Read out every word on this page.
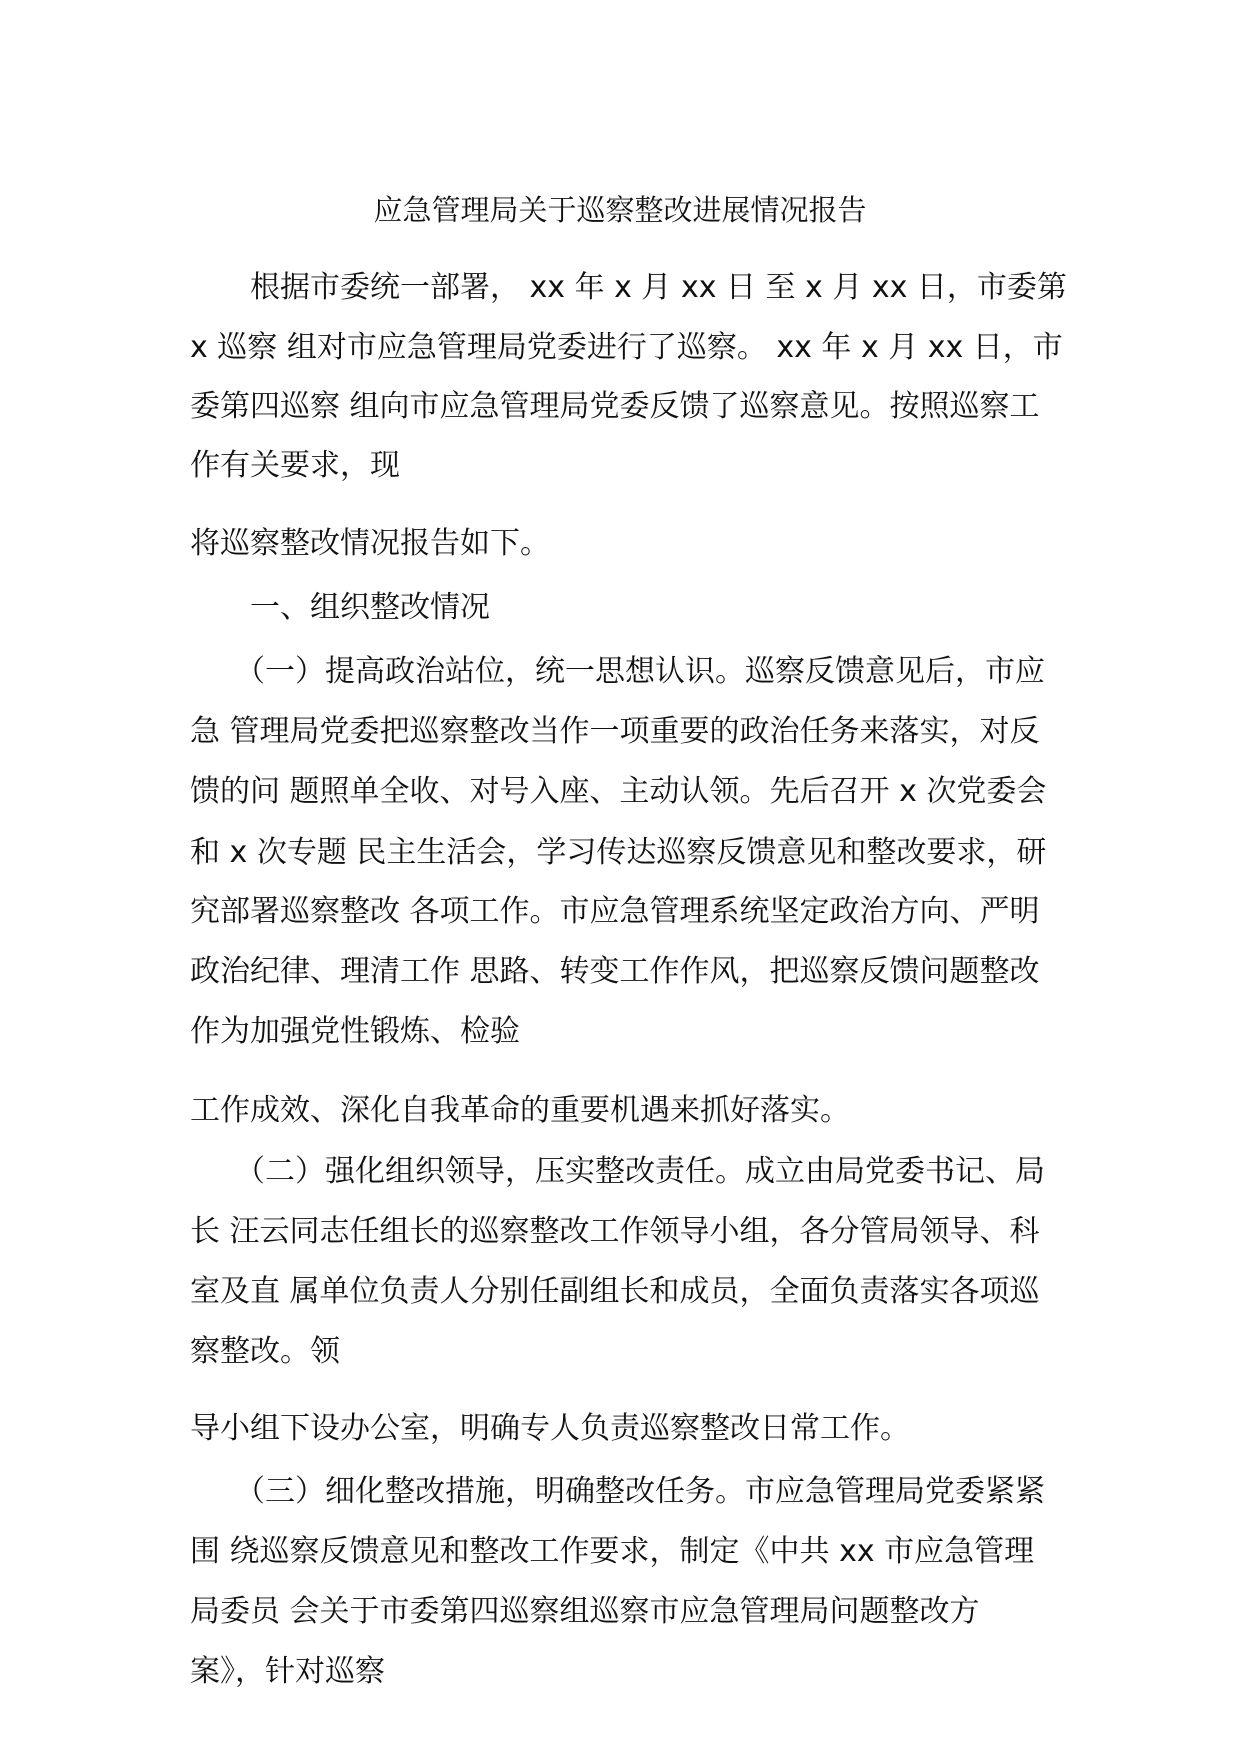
应急管理局关于巡察整改进展情况报告
　　根据市委统一部署， xx 年 x 月 xx 日 至 x 月 xx 日，市委第
x 巡察 组对市应急管理局党委进行了巡察。 xx 年 x 月 xx 日，市
委第四巡察 组向市应急管理局党委反馈了巡察意见。按照巡察工
作有关要求，现
将巡察整改情况报告如下。
　　一、组织整改情况
　　（一）提高政治站位，统一思想认识。巡察反馈意见后，市应
急 管理局党委把巡察整改当作一项重要的政治任务来落实，对反
馈的问 题照单全收、对号入座、主动认领。先后召开 x 次党委会
和 x 次专题 民主生活会，学习传达巡察反馈意见和整改要求，研
究部署巡察整改 各项工作。市应急管理系统坚定政治方向、严明
政治纪律、理清工作 思路、转变工作作风，把巡察反馈问题整改
作为加强党性锻炼、检验
工作成效、深化自我革命的重要机遇来抓好落实。
　　（二）强化组织领导，压实整改责任。成立由局党委书记、局
长 汪云同志任组长的巡察整改工作领导小组，各分管局领导、科
室及直 属单位负责人分别任副组长和成员，全面负责落实各项巡
察整改。领
导小组下设办公室，明确专人负责巡察整改日常工作。
　　（三）细化整改措施，明确整改任务。市应急管理局党委紧紧
围 绕巡察反馈意见和整改工作要求，制定《中共 xx 市应急管理
局委员 会关于市委第四巡察组巡察市应急管理局问题整改方
案》，针对巡察
